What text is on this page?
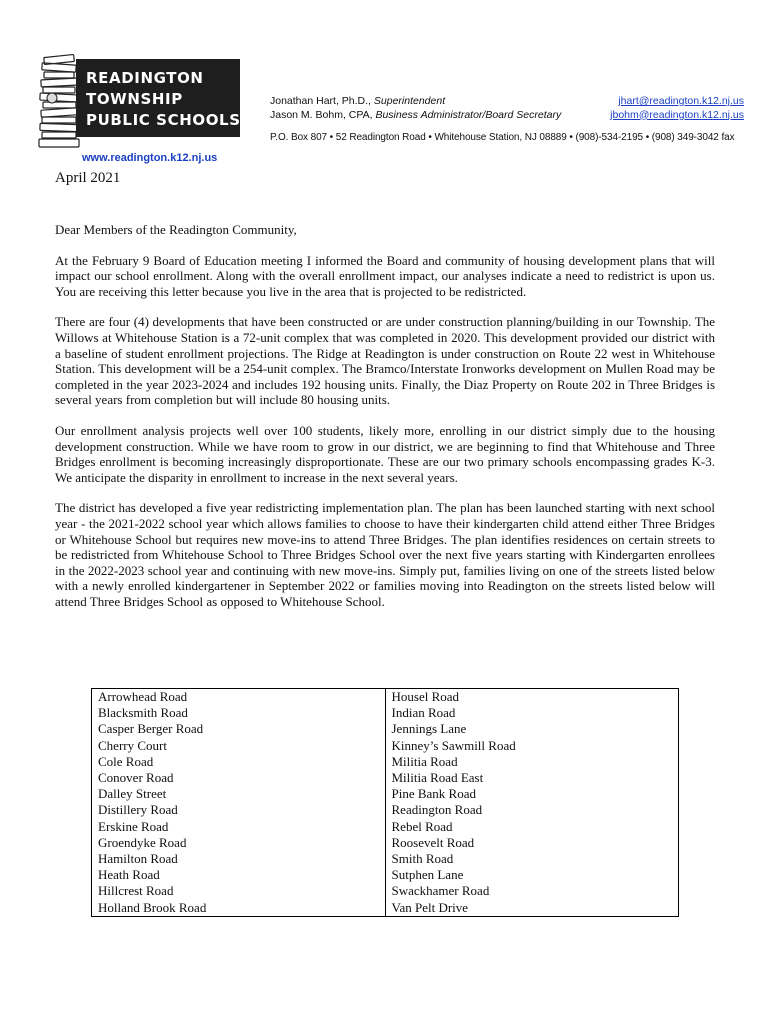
READINGTON
TOWNSHIP
PUBLIC SCHOOLS
www.readington.k12.nj.us
Jonathan Hart, Ph.D., Superintendent
Jason M. Bohm, CPA, Business Administrator/Board Secretary
jhart@readington.k12.nj.us
jbohm@readington.k12.nj.us
P.O. Box 807 • 52 Readington Road • Whitehouse Station, NJ 08889 • (908)-534-2195 • (908) 349-3042 fax
April 2021

Dear Members of the Readington Community,

At the February 9 Board of Education meeting I informed the Board and community of housing development plans that will impact our school enrollment. Along with the overall enrollment impact, our analyses indicate a need to redistrict is upon us. You are receiving this letter because you live in the area that is projected to be redistricted.

There are four (4) developments that have been constructed or are under construction planning/building in our Township. The Willows at Whitehouse Station is a 72-unit complex that was completed in 2020. This development provided our district with a baseline of student enrollment projections. The Ridge at Readington is under construction on Route 22 west in Whitehouse Station. This development will be a 254-unit complex. The Bramco/Interstate Ironworks development on Mullen Road may be completed in the year 2023-2024 and includes 192 housing units. Finally, the Diaz Property on Route 202 in Three Bridges is several years from completion but will include 80 housing units.

Our enrollment analysis projects well over 100 students, likely more, enrolling in our district simply due to the housing development construction. While we have room to grow in our district, we are beginning to find that Whitehouse and Three Bridges enrollment is becoming increasingly disproportionate. These are our two primary schools encompassing grades K-3. We anticipate the disparity in enrollment to increase in the next several years.

The district has developed a five year redistricting implementation plan. The plan has been launched starting with next school year - the 2021-2022 school year which allows families to choose to have their kindergarten child attend either Three Bridges or Whitehouse School but requires new move-ins to attend Three Bridges. The plan identifies residences on certain streets to be redistricted from Whitehouse School to Three Bridges School over the next five years starting with Kindergarten enrollees in the 2022-2023 school year and continuing with new move-ins. Simply put, families living on one of the streets listed below with a newly enrolled kindergartener in September 2022 or families moving into Readington on the streets listed below will attend Three Bridges School as opposed to Whitehouse School.

Arrowhead Road	Housel Road
Blacksmith Road	Indian Road
Casper Berger Road	Jennings Lane
Cherry Court	Kinney’s Sawmill Road
Cole Road	Militia Road
Conover Road	Militia Road East
Dalley Street	Pine Bank Road
Distillery Road	Readington Road
Erskine Road	Rebel Road
Groendyke Road	Roosevelt Road
Hamilton Road	Smith Road
Heath Road	Sutphen Lane
Hillcrest Road	Swackhamer Road
Holland Brook Road	Van Pelt Drive
